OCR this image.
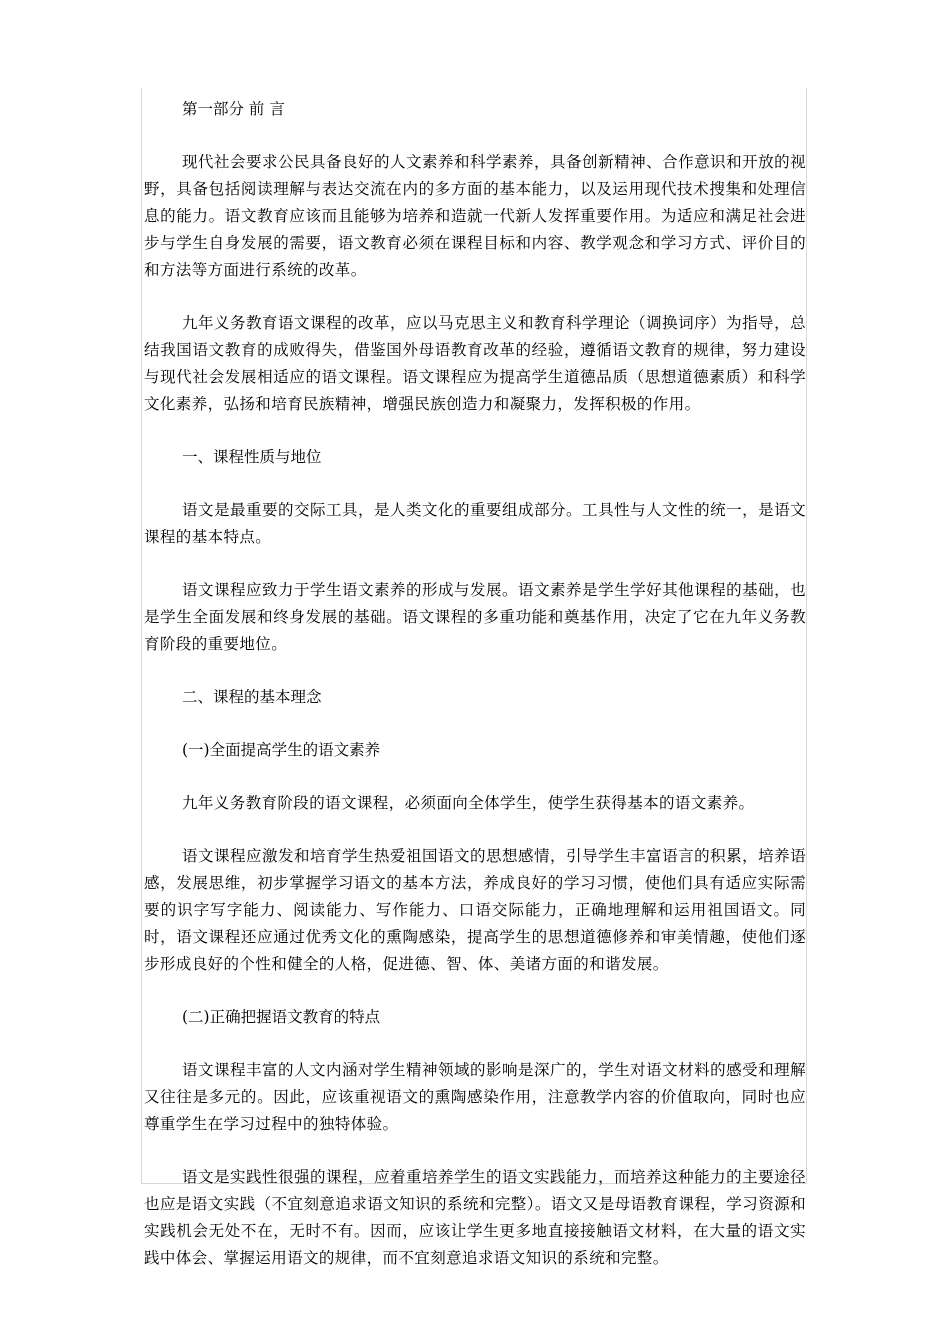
第一部分 前 言

现代社会要求公民具备良好的人文素养和科学素养，具备创新精神、合作意识和开放的视野，具备包括阅读理解与表达交流在内的多方面的基本能力，以及运用现代技术搜集和处理信息的能力。语文教育应该而且能够为培养和造就一代新人发挥重要作用。为适应和满足社会进步与学生自身发展的需要，语文教育必须在课程目标和内容、教学观念和学习方式、评价目的和方法等方面进行系统的改革。

九年义务教育语文课程的改革，应以马克思主义和教育科学理论（调换词序）为指导，总结我国语文教育的成败得失，借鉴国外母语教育改革的经验，遵循语文教育的规律，努力建设与现代社会发展相适应的语文课程。语文课程应为提高学生道德品质（思想道德素质）和科学文化素养，弘扬和培育民族精神，增强民族创造力和凝聚力，发挥积极的作用。

一、课程性质与地位

语文是最重要的交际工具，是人类文化的重要组成部分。工具性与人文性的统一，是语文课程的基本特点。

语文课程应致力于学生语文素养的形成与发展。语文素养是学生学好其他课程的基础，也是学生全面发展和终身发展的基础。语文课程的多重功能和奠基作用，决定了它在九年义务教育阶段的重要地位。

二、课程的基本理念

(一)全面提高学生的语文素养

九年义务教育阶段的语文课程，必须面向全体学生，使学生获得基本的语文素养。

语文课程应激发和培育学生热爱祖国语文的思想感情，引导学生丰富语言的积累，培养语感，发展思维，初步掌握学习语文的基本方法，养成良好的学习习惯，使他们具有适应实际需要的识字写字能力、阅读能力、写作能力、口语交际能力，正确地理解和运用祖国语文。同时，语文课程还应通过优秀文化的熏陶感染，提高学生的思想道德修养和审美情趣，使他们逐步形成良好的个性和健全的人格，促进德、智、体、美诸方面的和谐发展。

(二)正确把握语文教育的特点

语文课程丰富的人文内涵对学生精神领域的影响是深广的，学生对语文材料的感受和理解又往往是多元的。因此，应该重视语文的熏陶感染作用，注意教学内容的价值取向，同时也应尊重学生在学习过程中的独特体验。

语文是实践性很强的课程，应着重培养学生的语文实践能力，而培养这种能力的主要途径也应是语文实践（不宜刻意追求语文知识的系统和完整）。语文又是母语教育课程，学习资源和实践机会无处不在，无时不有。因而，应该让学生更多地直接接触语文材料，在大量的语文实践中体会、掌握运用语文的规律，而不宜刻意追求语文知识的系统和完整。
